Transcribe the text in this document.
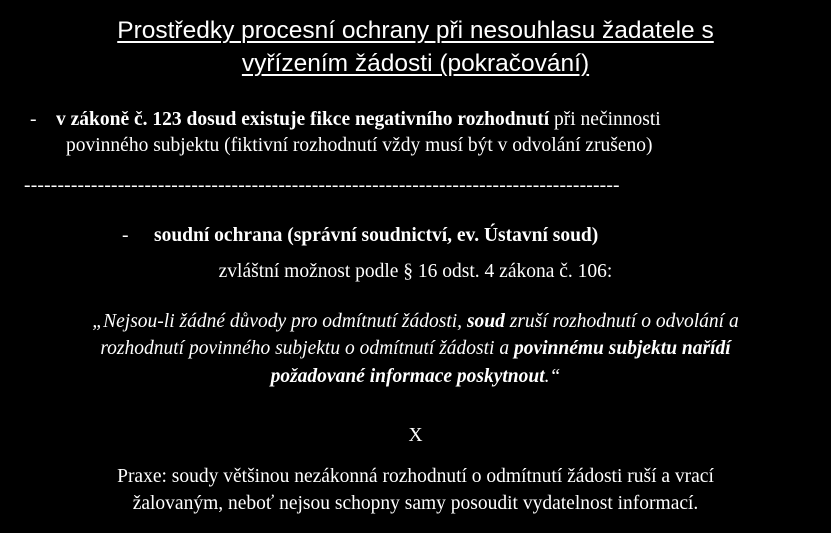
Prostředky procesní ochrany při nesouhlasu žadatele s
vyřízením žádosti (pokračování)
- v zákoně č. 123 dosud existuje fikce negativního rozhodnutí při nečinnosti
povinného subjektu (fiktivní rozhodnutí vždy musí být v odvolání zrušeno)
-----------------------------------------------------------------------------------------
- soudní ochrana (správní soudnictví, ev. Ústavní soud)
zvláštní možnost podle § 16 odst. 4 zákona č. 106:
„Nejsou-li žádné důvody pro odmítnutí žádosti, soud zruší rozhodnutí o odvolání a
rozhodnutí povinného subjektu o odmítnutí žádosti a povinnému subjektu nařídí
požadované informace poskytnout.“
X
Praxe: soudy většinou nezákonná rozhodnutí o odmítnutí žádosti ruší a vrací
žalovaným, neboť nejsou schopny samy posoudit vydatelnost informací.
